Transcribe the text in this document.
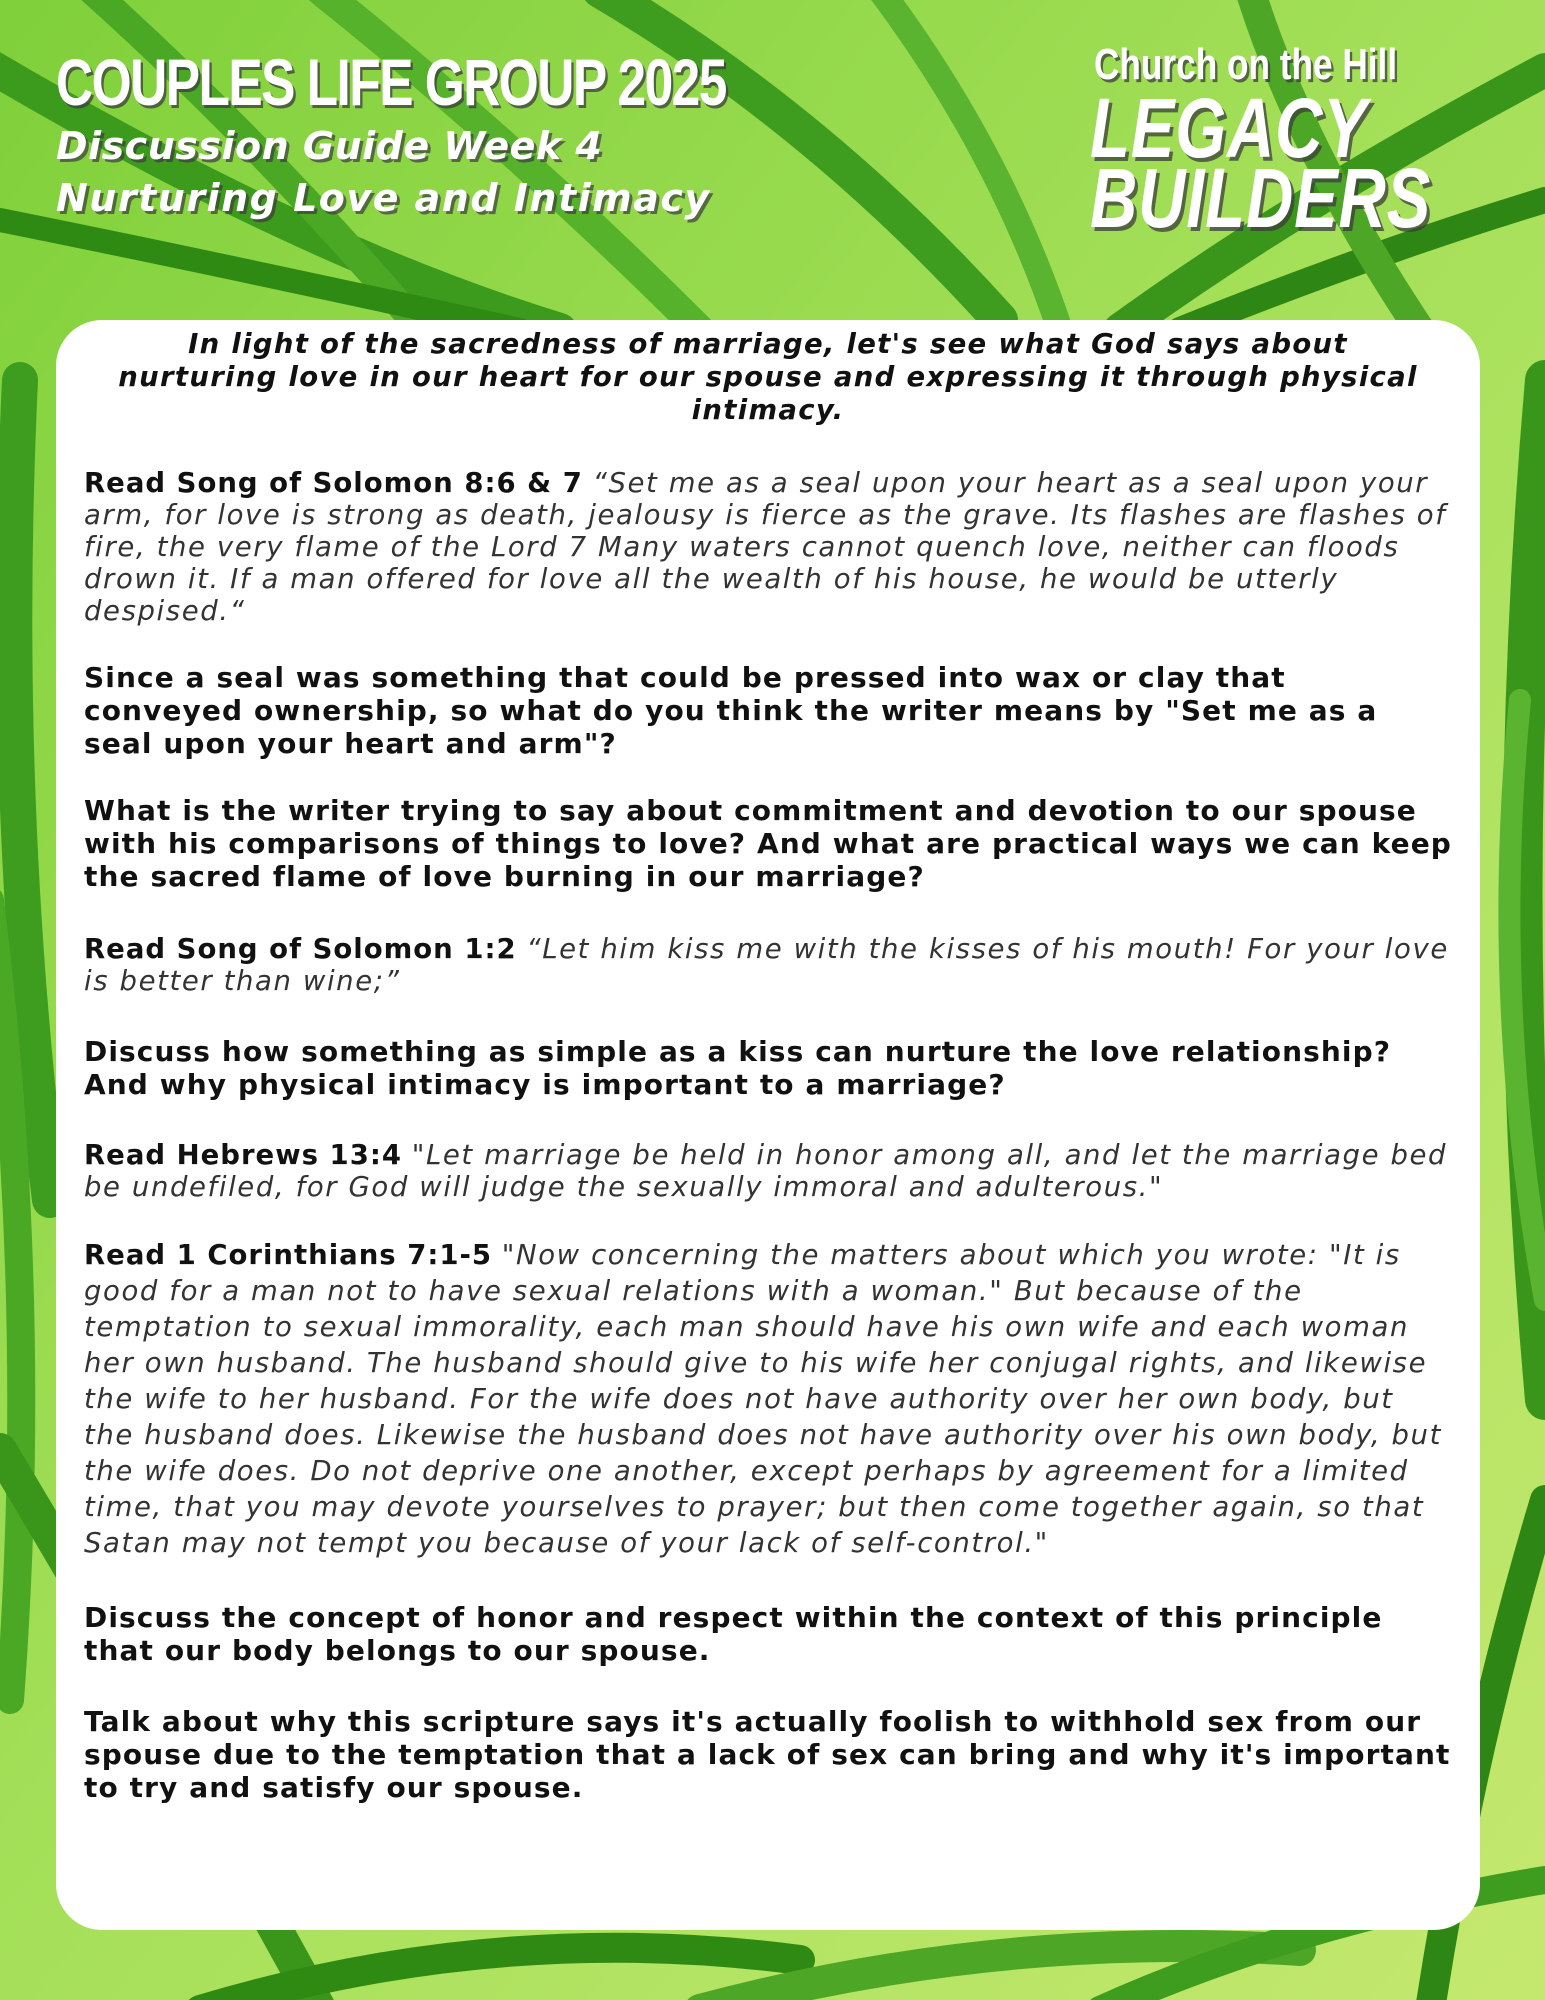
COUPLES LIFE GROUP 2025
Discussion Guide Week 4
Nurturing Love and Intimacy
Church on the Hill
LEGACY
BUILDERS

In light of the sacredness of marriage, let's see what God says about nurturing love in our heart for our spouse and expressing it through physical intimacy.

Read Song of Solomon 8:6 & 7 “Set me as a seal upon your heart as a seal upon your arm, for love is strong as death, jealousy is fierce as the grave. Its flashes are flashes of fire, the very flame of the Lord 7 Many waters cannot quench love, neither can floods drown it. If a man offered for love all the wealth of his house, he would be utterly despised.“

Since a seal was something that could be pressed into wax or clay that conveyed ownership, so what do you think the writer means by "Set me as a seal upon your heart and arm"?

What is the writer trying to say about commitment and devotion to our spouse with his comparisons of things to love? And what are practical ways we can keep the sacred flame of love burning in our marriage?

Read Song of Solomon 1:2 “Let him kiss me with the kisses of his mouth! For your love is better than wine;”

Discuss how something as simple as a kiss can nurture the love relationship? And why physical intimacy is important to a marriage?

Read Hebrews 13:4 "Let marriage be held in honor among all, and let the marriage bed be undefiled, for God will judge the sexually immoral and adulterous."

Read 1 Corinthians 7:1-5 "Now concerning the matters about which you wrote: "It is good for a man not to have sexual relations with a woman." But because of the temptation to sexual immorality, each man should have his own wife and each woman her own husband. The husband should give to his wife her conjugal rights, and likewise the wife to her husband. For the wife does not have authority over her own body, but the husband does. Likewise the husband does not have authority over his own body, but the wife does. Do not deprive one another, except perhaps by agreement for a limited time, that you may devote yourselves to prayer; but then come together again, so that Satan may not tempt you because of your lack of self-control."

Discuss the concept of honor and respect within the context of this principle that our body belongs to our spouse.

Talk about why this scripture says it's actually foolish to withhold sex from our spouse due to the temptation that a lack of sex can bring and why it's important to try and satisfy our spouse.
